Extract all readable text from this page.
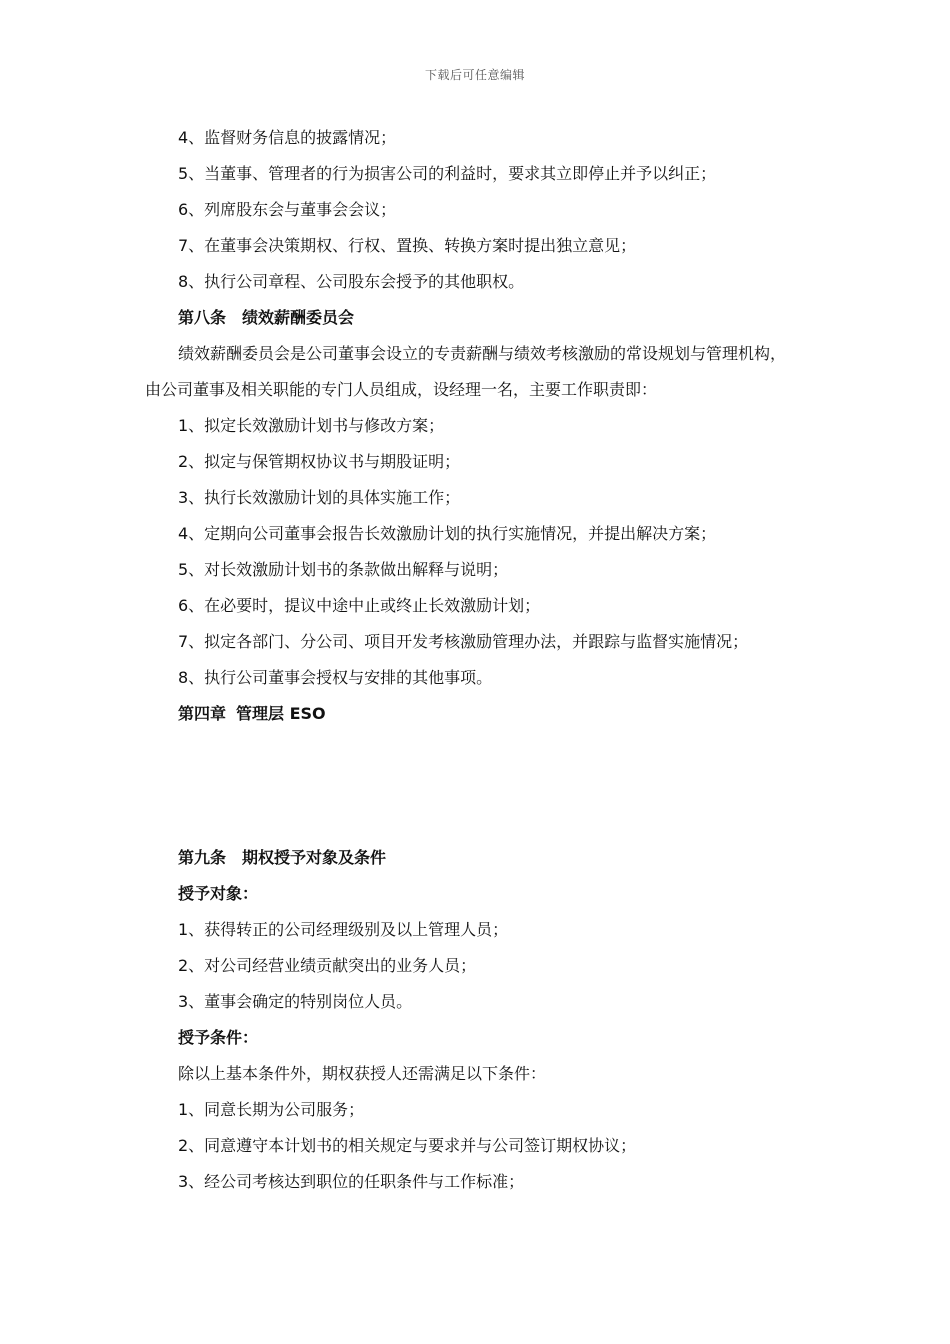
下载后可任意编辑
4、监督财务信息的披露情况；
5、当董事、管理者的行为损害公司的利益时，要求其立即停止并予以纠正；
6、列席股东会与董事会会议；
7、在董事会决策期权、行权、置换、转换方案时提出独立意见；
8、执行公司章程、公司股东会授予的其他职权。
第八条 绩效薪酬委员会
绩效薪酬委员会是公司董事会设立的专责薪酬与绩效考核激励的常设规划与管理机构，
由公司董事及相关职能的专门人员组成，设经理一名，主要工作职责即：
1、拟定长效激励计划书与修改方案；
2、拟定与保管期权协议书与期股证明；
3、执行长效激励计划的具体实施工作；
4、定期向公司董事会报告长效激励计划的执行实施情况，并提出解决方案；
5、对长效激励计划书的条款做出解释与说明；
6、在必要时，提议中途中止或终止长效激励计划；
7、拟定各部门、分公司、项目开发考核激励管理办法，并跟踪与监督实施情况；
8、执行公司董事会授权与安排的其他事项。
第四章 管理层 ESO
第九条 期权授予对象及条件
授予对象：
1、获得转正的公司经理级别及以上管理人员；
2、对公司经营业绩贡献突出的业务人员；
3、董事会确定的特别岗位人员。
授予条件：
除以上基本条件外，期权获授人还需满足以下条件：
1、同意长期为公司服务；
2、同意遵守本计划书的相关规定与要求并与公司签订期权协议；
3、经公司考核达到职位的任职条件与工作标准；
